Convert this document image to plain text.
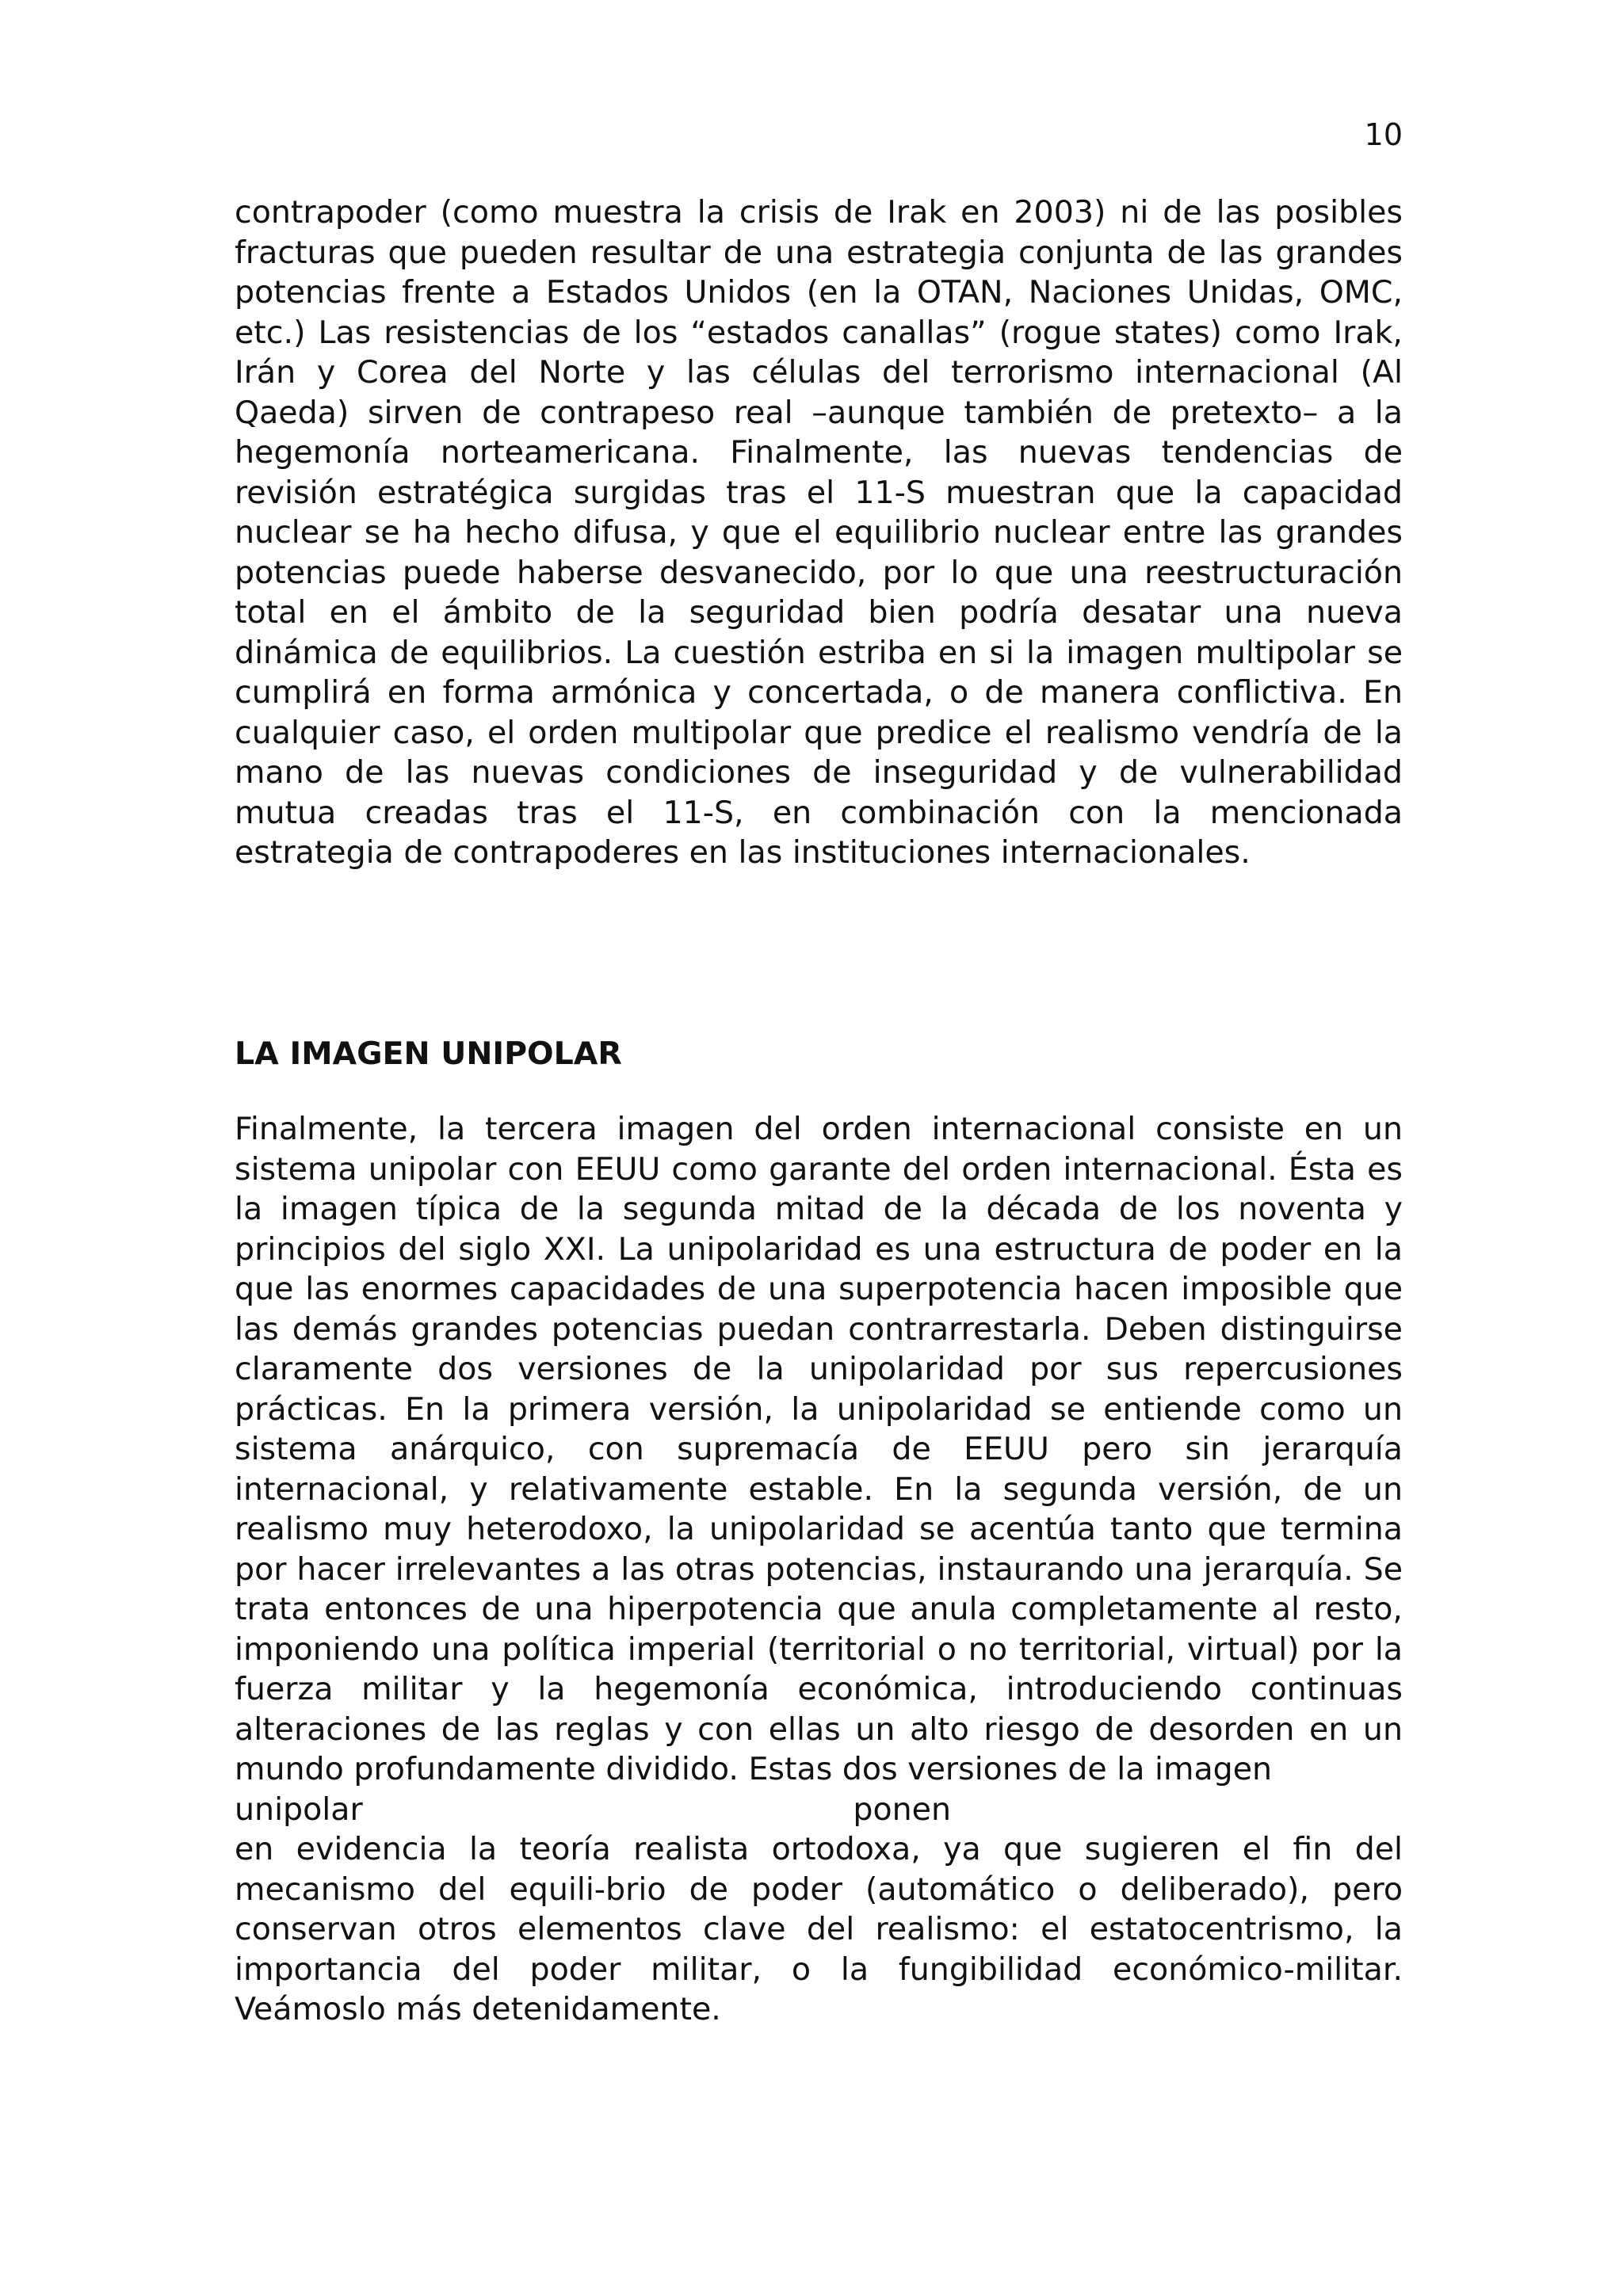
10

contrapoder (como muestra la crisis de Irak en 2003) ni de las posibles fracturas que pueden resultar de una estrategia conjunta de las grandes potencias frente a Estados Unidos (en la OTAN, Naciones Unidas, OMC, etc.) Las resistencias de los “estados canallas” (rogue states) como Irak, Irán y Corea del Norte y las células del terrorismo internacional (Al Qaeda) sirven de contrapeso real –aunque también de pretexto– a la hegemonía norteamericana. Finalmente, las nuevas tendencias de revisión estratégica surgidas tras el 11-S muestran que la capacidad nuclear se ha hecho difusa, y que el equilibrio nuclear entre las grandes potencias puede haberse desvanecido, por lo que una reestructuración total en el ámbito de la seguridad bien podría desatar una nueva dinámica de equilibrios. La cuestión estriba en si la imagen multipolar se cumplirá en forma armónica y concertada, o de manera conflictiva. En cualquier caso, el orden multipolar que predice el realismo vendría de la mano de las nuevas condiciones de inseguridad y de vulnerabilidad mutua creadas tras el 11-S, en combinación con la mencionada estrategia de contrapoderes en las instituciones internacionales.

LA IMAGEN UNIPOLAR
Finalmente, la tercera imagen del orden internacional consiste en un sistema unipolar con EEUU como garante del orden internacional. Ésta es la imagen típica de la segunda mitad de la década de los noventa y principios del siglo XXI. La unipolaridad es una estructura de poder en la que las enormes capacidades de una superpotencia hacen imposible que las demás grandes potencias puedan contrarrestarla. Deben distinguirse claramente dos versiones de la unipolaridad por sus repercusiones prácticas. En la primera versión, la unipolaridad se entiende como un sistema anárquico, con supremacía de EEUU pero sin jerarquía internacional, y relativamente estable. En la segunda versión, de un realismo muy heterodoxo, la unipolaridad se acentúa tanto que termina por hacer irrelevantes a las otras potencias, instaurando una jerarquía. Se trata entonces de una hiperpotencia que anula completamente al resto, imponiendo una política imperial (territorial o no territorial, virtual) por la fuerza militar y la hegemonía económica, introduciendo continuas alteraciones de las reglas y con ellas un alto riesgo de desorden en un mundo profundamente dividido. Estas dos versiones de la imagen
unipolar	ponen
en evidencia la teoría realista ortodoxa, ya que sugieren el fin del mecanismo del equili-brio de poder (automático o deliberado), pero conservan otros elementos clave del realismo: el estatocentrismo, la importancia del poder militar, o la fungibilidad económico-militar. Veámoslo más detenidamente.
